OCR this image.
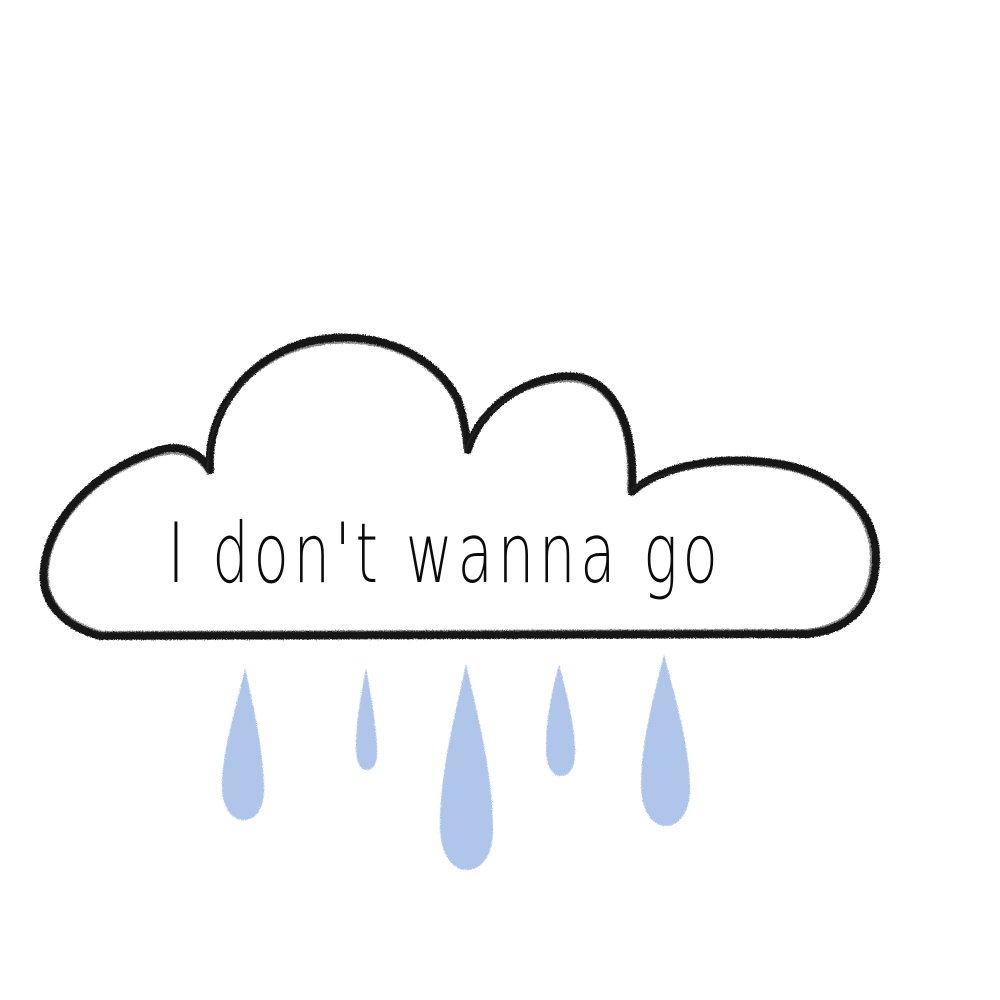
I don't wanna go
